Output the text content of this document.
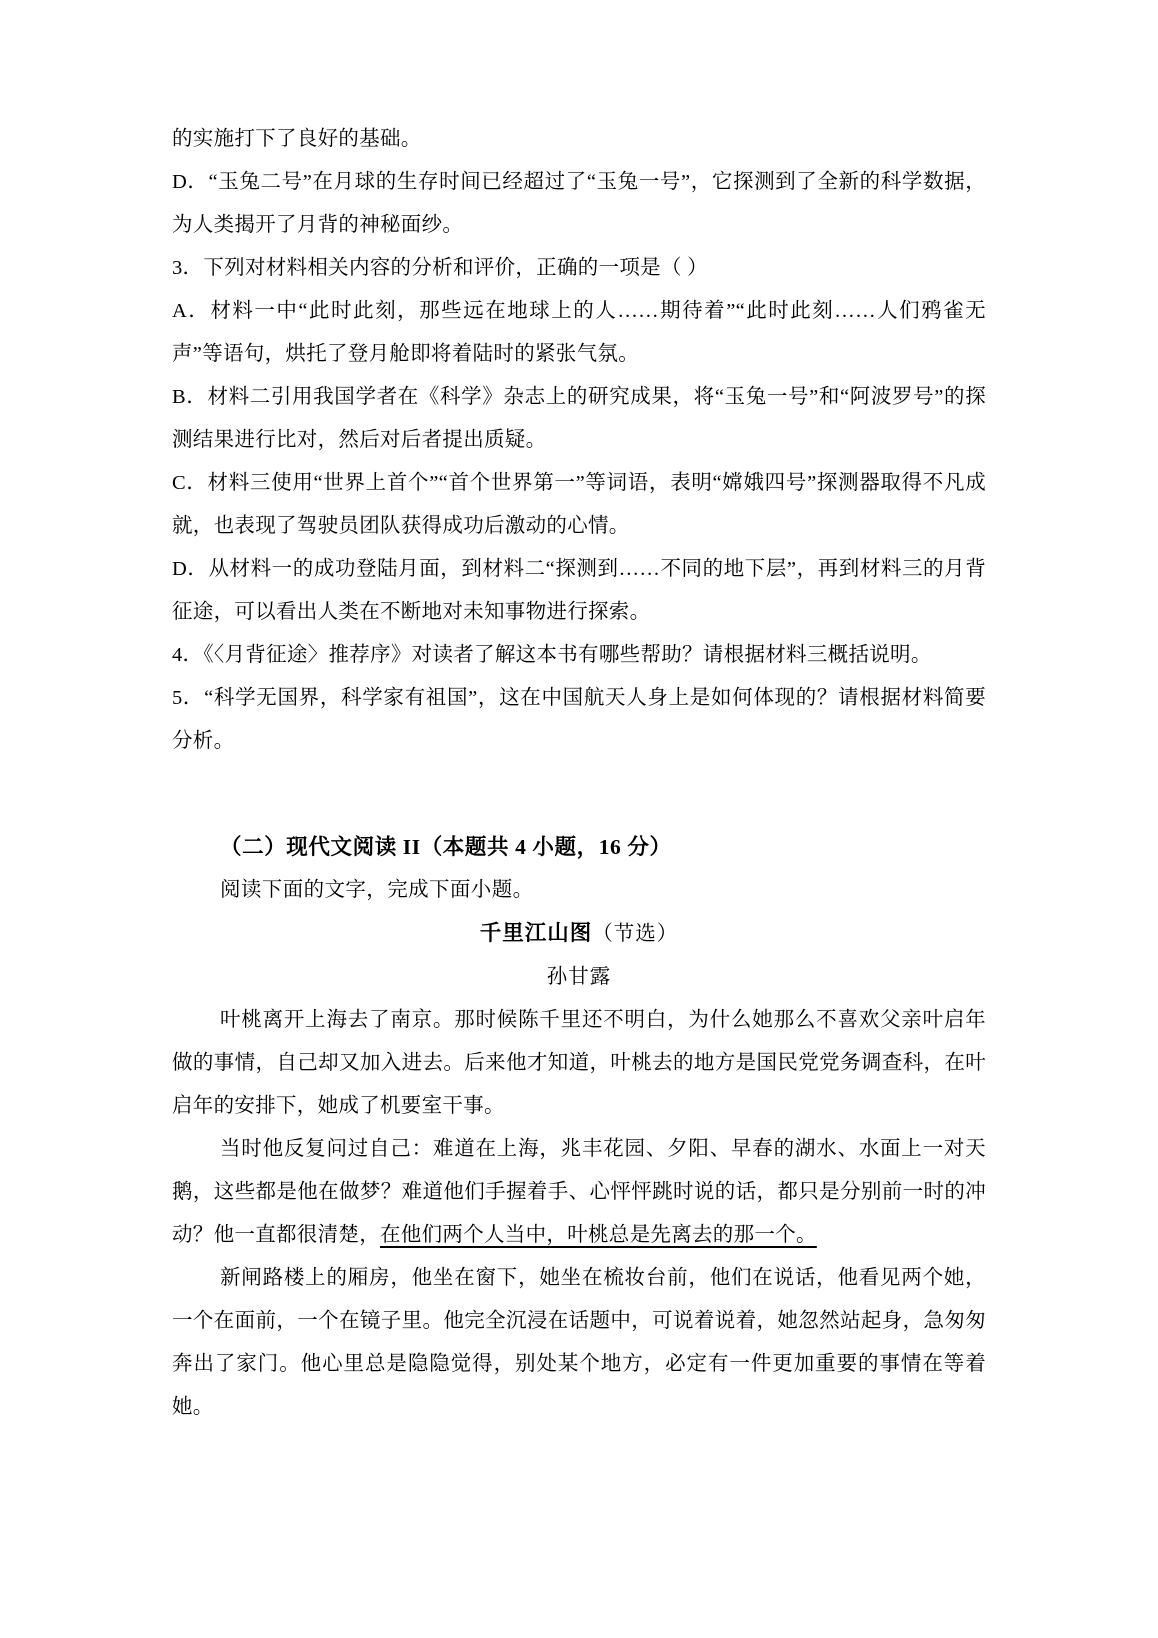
的实施打下了良好的基础。
D．“玉兔二号”在月球的生存时间已经超过了“玉兔一号”，它探测到了全新的科学数据，为人类揭开了月背的神秘面纱。
3．下列对材料相关内容的分析和评价，正确的一项是（ ）
A．材料一中“此时此刻，那些远在地球上的人……期待着”“此时此刻……人们鸦雀无声”等语句，烘托了登月舱即将着陆时的紧张气氛。
B．材料二引用我国学者在《科学》杂志上的研究成果，将“玉兔一号”和“阿波罗号”的探测结果进行比对，然后对后者提出质疑。
C．材料三使用“世界上首个”“首个世界第一”等词语，表明“嫦娥四号”探测器取得不凡成就，也表现了驾驶员团队获得成功后激动的心情。
D．从材料一的成功登陆月面，到材料二“探测到……不同的地下层”，再到材料三的月背征途，可以看出人类在不断地对未知事物进行探索。
4．《〈月背征途〉推荐序》对读者了解这本书有哪些帮助？请根据材料三概括说明。
5．“科学无国界，科学家有祖国”，这在中国航天人身上是如何体现的？请根据材料简要分析。
（二）现代文阅读 II（本题共 4 小题，16 分）
阅读下面的文字，完成下面小题。
千里江山图（节选）
孙甘露
叶桃离开上海去了南京。那时候陈千里还不明白，为什么她那么不喜欢父亲叶启年做的事情，自己却又加入进去。后来他才知道，叶桃去的地方是国民党党务调查科，在叶启年的安排下，她成了机要室干事。
当时他反复问过自己：难道在上海，兆丰花园、夕阳、早春的湖水、水面上一对天鹅，这些都是他在做梦？难道他们手握着手、心怦怦跳时说的话，都只是分别前一时的冲动？他一直都很清楚，在他们两个人当中，叶桃总是先离去的那一个。
新闸路楼上的厢房，他坐在窗下，她坐在梳妆台前，他们在说话，他看见两个她，一个在面前，一个在镜子里。他完全沉浸在话题中，可说着说着，她忽然站起身，急匆匆奔出了家门。他心里总是隐隐觉得，别处某个地方，必定有一件更加重要的事情在等着她。
